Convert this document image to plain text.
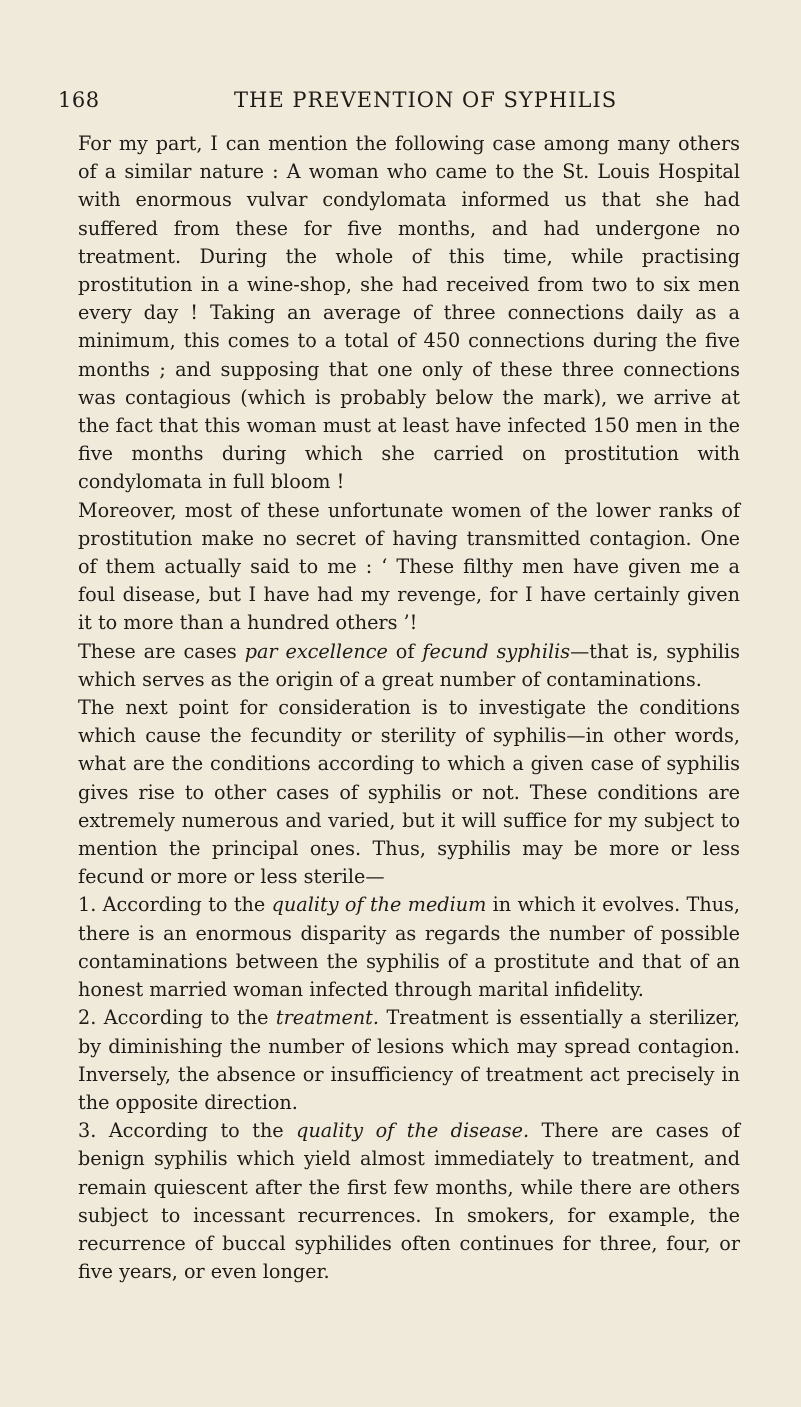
168	THE PREVENTION OF SYPHILIS

For my part, I can mention the following case among many others of a similar nature : A woman who came to the St. Louis Hospital with enormous vulvar condylomata informed us that she had suffered from these for five months, and had undergone no treatment. During the whole of this time, while practising prostitution in a wine-shop, she had received from two to six men every day ! Taking an average of three connections daily as a minimum, this comes to a total of 450 connections during the five months ; and supposing that one only of these three connections was contagious (which is probably below the mark), we arrive at the fact that this woman must at least have infected 150 men in the five months during which she carried on prostitution with condylomata in full bloom !

Moreover, most of these unfortunate women of the lower ranks of prostitution make no secret of having transmitted contagion. One of them actually said to me : ‘ These filthy men have given me a foul disease, but I have had my revenge, for I have certainly given it to more than a hundred others ’!

These are cases par excellence of fecund syphilis—that is, syphilis which serves as the origin of a great number of contaminations.

The next point for consideration is to investigate the conditions which cause the fecundity or sterility of syphilis—in other words, what are the conditions according to which a given case of syphilis gives rise to other cases of syphilis or not. These conditions are extremely numerous and varied, but it will suffice for my subject to mention the principal ones. Thus, syphilis may be more or less fecund or more or less sterile—

1. According to the quality of the medium in which it evolves. Thus, there is an enormous disparity as regards the number of possible contaminations between the syphilis of a prostitute and that of an honest married woman infected through marital infidelity.

2. According to the treatment. Treatment is essentially a sterilizer, by diminishing the number of lesions which may spread contagion. Inversely, the absence or insufficiency of treatment act precisely in the opposite direction.

3. According to the quality of the disease. There are cases of benign syphilis which yield almost immediately to treatment, and remain quiescent after the first few months, while there are others subject to incessant recurrences. In smokers, for example, the recurrence of buccal syphilides often continues for three, four, or five years, or even longer.
